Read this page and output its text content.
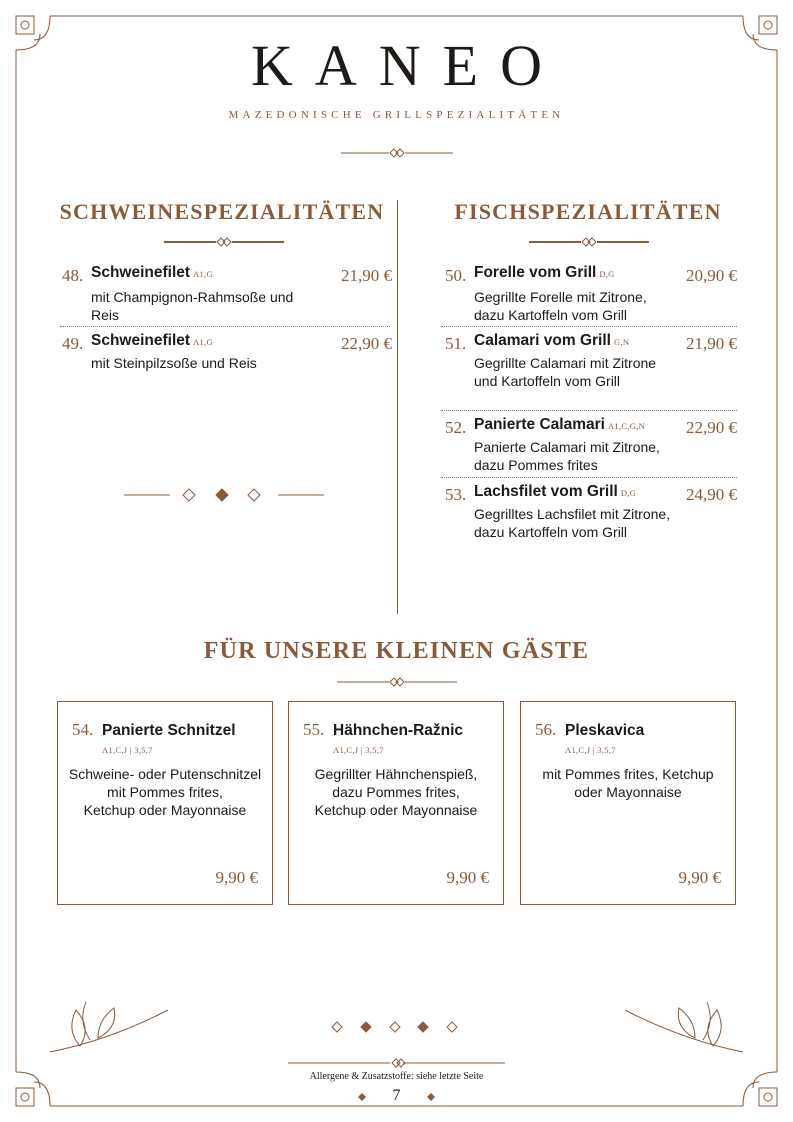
KANEO
MAZEDONISCHE GRILLSPEZIALITÄTEN
SCHWEINESPEZIALITÄTEN
48. Schweinefilet A1,G	21,90 €
mit Champignon-Rahmsoße und Reis
49. Schweinefilet A1,G	22,90 €
mit Steinpilzsoße und Reis
FISCHSPEZIALITÄTEN
50. Forelle vom Grill D,G	20,90 €
Gegrillte Forelle mit Zitrone, dazu Kartoffeln vom Grill
51. Calamari vom Grill G,N	21,90 €
Gegrillte Calamari mit Zitrone und Kartoffeln vom Grill
52. Panierte Calamari A1,C,G,N 22,90 €
Panierte Calamari mit Zitrone, dazu Pommes frites
53. Lachsfilet vom Grill D,G	24,90 €
Gegrilltes Lachsfilet mit Zitrone, dazu Kartoffeln vom Grill
FÜR UNSERE KLEINEN GÄSTE
54. Panierte Schnitzel
A1,C,J | 3,5,7
Schweine- oder Putenschnitzel mit Pommes frites,
Ketchup oder Mayonnaise
9,90 €
55. Hähnchen-Ražnic
A1,C,J | 3,5,7
Gegrillter Hähnchenspieß, dazu Pommes frites, Ketchup oder Mayonnaise
9,90 €
56. Pleskavica
A1,C,J | 3,5,7
mit Pommes frites, Ketchup oder Mayonnaise
9,90 €
Allergene & Zusatzstoffe: siehe letzte Seite
7
